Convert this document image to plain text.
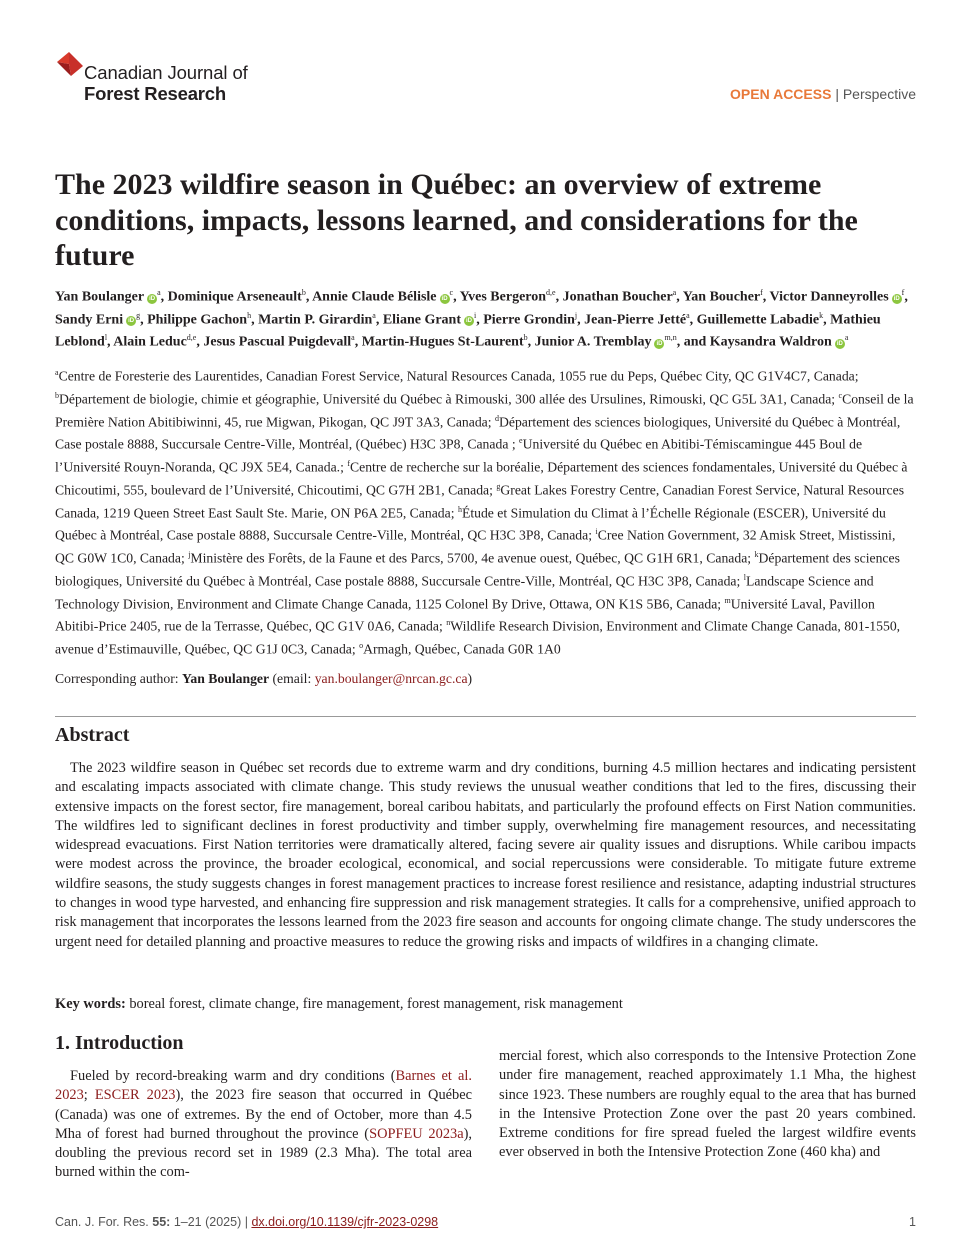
Canadian Journal of
Forest Research	OPEN ACCESS | Perspective
The 2023 wildfire season in Québec: an overview of extreme conditions, impacts, lessons learned, and considerations for the future
Yan Boulanger $iD^a$, Dominique Arseneault$^b$, Annie Claude Bélisle $iD^c$, Yves Bergeron$^{d,e}$, Jonathan Boucher$^a$, Yan Boucher$^f$, Victor Danneyrolles $iD^f$, Sandy Erni $iD^g$, Philippe Gachon$^h$, Martin P. Girardin$^a$, Eliane Grant $iD^i$, Pierre Grondin$^j$, Jean-Pierre Jetté$^a$, Guillemette Labadie$^k$, Mathieu Leblond$^l$, Alain Leduc$^{d,e}$, Jesus Pascual Puigdevall$^a$, Martin-Hugues St-Laurent$^b$, Junior A. Tremblay iD$^{m,n}$, and Kaysandra Waldron $iD^a$

$^a$Centre de Foresterie des Laurentides, Canadian Forest Service, Natural Resources Canada, 1055 rue du Peps, Québec City, QC G1V4C7, Canada; $^b$Département de biologie, chimie et géographie, Université du Québec à Rimouski, 300 allée des Ursulines, Rimouski, QC G5L 3A1, Canada; $^c$Conseil de la Première Nation Abitibiwinni, 45, rue Migwan, Pikogan, QC J9T 3A3, Canada; $^d$Département des sciences biologiques, Université du Québec à Montréal, Case postale 8888, Succursale Centre-Ville, Montréal, (Québec) H3C 3P8, Canada ; $^e$Université du Québec en Abitibi-Témiscamingue 445 Boul de l’Université Rouyn-Noranda, QC J9X 5E4, Canada.; $^f$Centre de recherche sur la boréalie, Département des sciences fondamentales, Université du Québec à Chicoutimi, 555, boulevard de l’Université, Chicoutimi, QC G7H 2B1, Canada; $^g$Great Lakes Forestry Centre, Canadian Forest Service, Natural Resources Canada, 1219 Queen Street East Sault Ste. Marie, ON P6A 2E5, Canada; $^h$Étude et Simulation du Climat à l’Échelle Régionale (ESCER), Université du Québec à Montréal, Case postale 8888, Succursale Centre-Ville, Montréal, QC H3C 3P8, Canada; $^i$Cree Nation Government, 32 Amisk Street, Mistissini, QC G0W 1C0, Canada; $^j$Ministère des Forêts, de la Faune et des Parcs, 5700, 4e avenue ouest, Québec, QC G1H 6R1, Canada; $^k$Département des sciences biologiques, Université du Québec à Montréal, Case postale 8888, Succursale Centre-Ville, Montréal, QC H3C 3P8, Canada; $^l$Landscape Science and Technology Division, Environment and Climate Change Canada, 1125 Colonel By Drive, Ottawa, ON K1S 5B6, Canada; $^m$Université Laval, Pavillon Abitibi-Price 2405, rue de la Terrasse, Québec, QC G1V 0A6, Canada; $^n$Wildlife Research Division, Environment and Climate Change Canada, 801-1550, avenue d’Estimauville, Québec, QC G1J 0C3, Canada; $^o$Armagh, Québec, Canada G0R 1A0

Corresponding author: Yan Boulanger (email: yan.boulanger@nrcan.gc.ca)
Abstract

The 2023 wildfire season in Québec set records due to extreme warm and dry conditions, burning 4.5 million hectares and indicating persistent and escalating impacts associated with climate change. This study reviews the unusual weather conditions that led to the fires, discussing their extensive impacts on the forest sector, fire management, boreal caribou habitats, and particularly the profound effects on First Nation communities. The wildfires led to significant declines in forest productivity and timber supply, overwhelming fire management resources, and necessitating widespread evacuations. First Nation territories were dramatically altered, facing severe air quality issues and disruptions. While caribou impacts were modest across the province, the broader ecological, economical, and social repercussions were considerable. To mitigate future extreme wildfire seasons, the study suggests changes in forest management practices to increase forest resilience and resistance, adapting industrial structures to changes in wood type harvested, and enhancing fire suppression and risk management strategies. It calls for a comprehensive, unified approach to risk management that incorporates the lessons learned from the 2023 fire season and accounts for ongoing climate change. The study underscores the urgent need for detailed planning and proactive measures to reduce the growing risks and impacts of wildfires in a changing climate.

Key words: boreal forest, climate change, fire management, forest management, risk management
1. Introduction

Fueled by record-breaking warm and dry conditions (Barnes et al. 2023; ESCER 2023), the 2023 fire season that occurred in Québec (Canada) was one of extremes. By the end of October, more than 4.5 Mha of forest had burned throughout the province (SOPFEU 2023a), doubling the previous record set in 1989 (2.3 Mha). The total area burned within the com-

mercial forest, which also corresponds to the Intensive Protection Zone under fire management, reached approximately 1.1 Mha, the highest since 1923. These numbers are roughly equal to the area that has burned in the Intensive Protection Zone over the past 20 years combined. Extreme conditions for fire spread fueled the largest wildfire events ever observed in both the Intensive Protection Zone (460 kha) and

Can. J. For. Res. 55: 1–21 (2025) | dx.doi.org/10.1139/cjfr-2023-0298	1
